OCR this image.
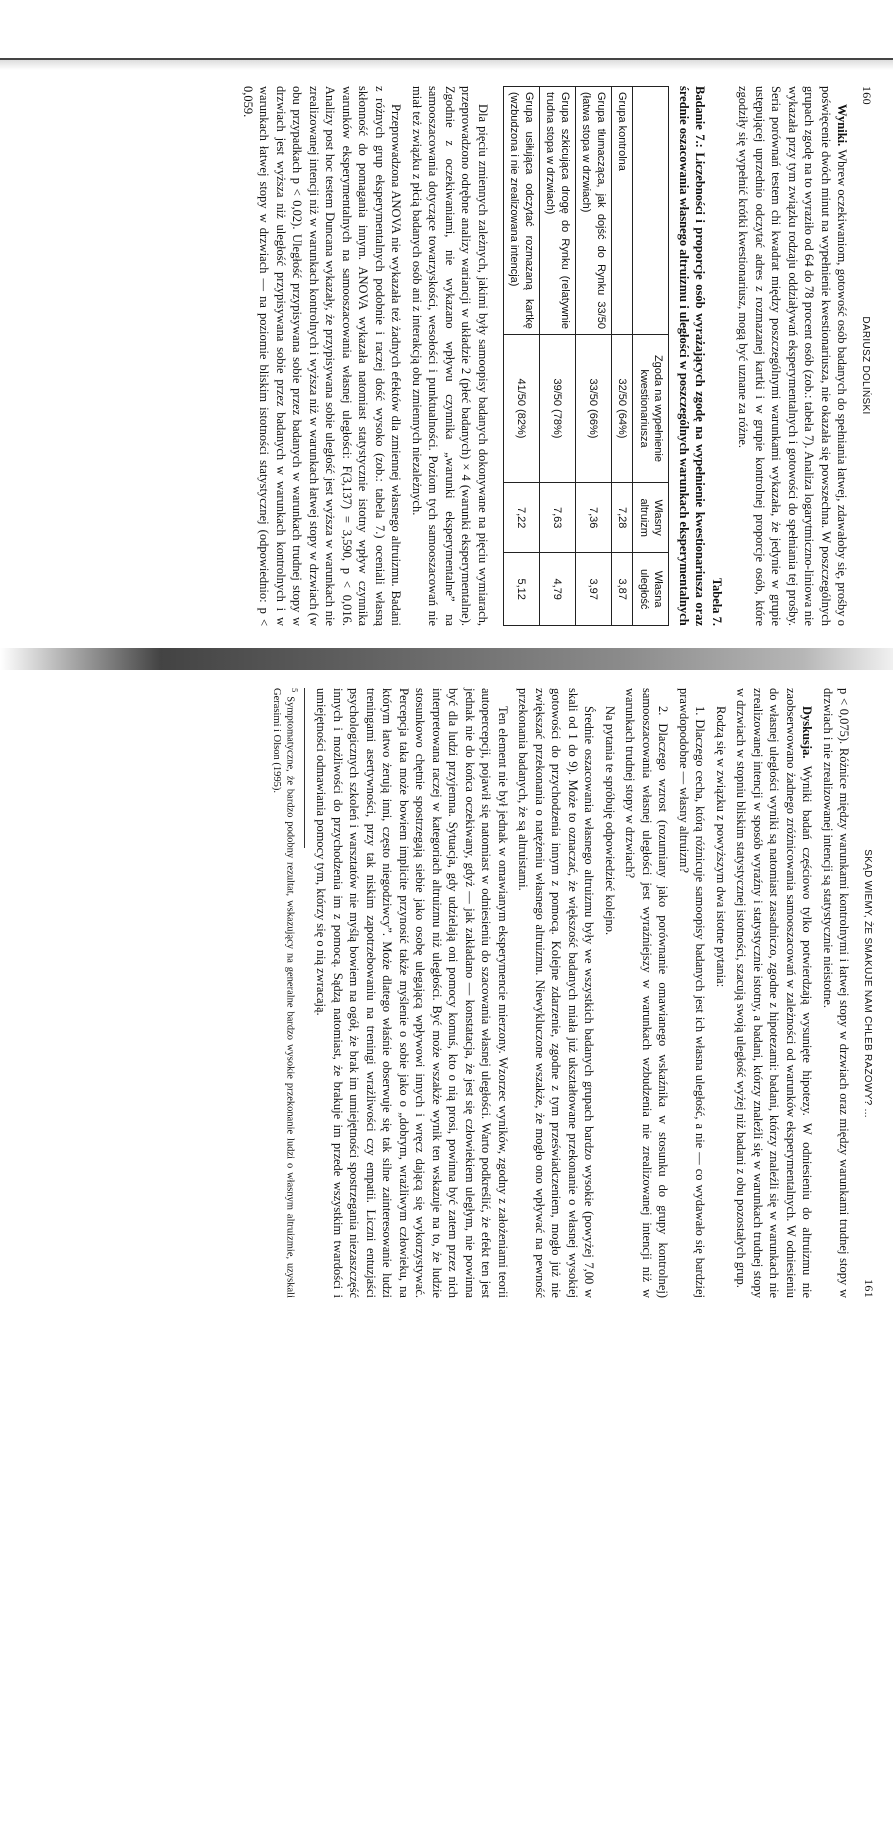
160
DARIUSZ DOLIŃSKI

Wyniki. Wbrew oczekiwaniom, gotowość osób badanych do spełniania łatwej, zdawałoby się, prośby o poświęcenie dwóch minut na wypełnienie kwestionariusza, nie okazała się powszechna. W poszczególnych grupach zgodę na to wyraziło od 64 do 78 procent osób (zob.: tabela 7). Analiza logarytmiczno-liniowa nie wykazała przy tym związku rodzaju oddziaływań eksperymentalnych i gotowości do spełniania tej prośby. Seria porównań testem chi kwadrat między poszczególnymi warunkami wykazała, że jedynie w grupie ustępującej uprzednio odczytać adres z rozmazanej kartki i w grupie kontrolnej proporcje osób, które zgodziły się wypełnić krótki kwestionariusz, mogą być uznane za różne.

Tabela 7.
Badanie 7.: Liczebności i proporcje osób wyrażających zgodę na wypełnienie kwestionariusza oraz średnie oszacowania własnego altruizmu i uległości w poszczególnych warunkach eksperymentalnych
	Zgoda na wypełnienie kwestionariusza	Własny altruizm	Własna uległość
Grupa kontrolna	32/50 (64%)	7,28	3,87
Grupa tłumacząca, jak dojść do Rynku 33/50 (łatwa stopa w drzwiach)	33/50 (66%)	7,36	3,97
Grupa szkicująca drogę do Rynku (relatywnie trudna stopa w drzwiach)	39/50 (78%)	7,63	4,79
Grupa usiłująca odczytać rozmazaną kartkę (wzbudzona i nie zrealizowana intencja)	41/50 (82%)	7,22	5,12

Dla pięciu zmiennych zależnych, jakimi były samoopisy badanych dokonywane na pięciu wymiarach, przeprowadzono odrębne analizy wariancji w układzie 2 (płeć badanych) × 4 (warunki eksperymentalne). Zgodnie z oczekiwaniami, nie wykazano wpływu czynnika „warunki eksperymentalne” na samooszacowania dotyczące towarzyskości, wesołości i punktualności. Poziom tych samooszacowań nie miał też związku z płcią badanych osób ani z interakcją obu zmiennych niezależnych.

Przeprowadzona ANOVA nie wykazała też żadnych efektów dla zmiennej własnego altruizmu. Badani z różnych grup eksperymentalnych podobnie i raczej dość wysoko (zob.: tabela 7.) oceniali własną skłonność do pomagania innym. ANOVA wykazała natomiast statystycznie istotny wpływ czynnika warunków eksperymentalnych na samooszacowania własnej uległości: F(3,137) = 3,590, p < 0,016. Analizy post hoc testem Duncana wykazały, że przypisywana sobie uległość jest wyższa w warunkach nie zrealizowanej intencji niż w warunkach kontrolnych i wyższa niż w warunkach łatwej stopy w drzwiach (w obu przypadkach p < 0,02). Uległość przypisywana sobie przez badanych w warunkach trudnej stopy w drzwiach jest wyższa niż uległość przypisywana sobie przez badanych w warunkach kontrolnych i w warunkach łatwej stopy w drzwiach — na poziomie bliskim istotności statystycznej (odpowiednio: p < 0,059.

SKĄD WIEMY, ŻE SMAKUJE NAM CHLEB RAZOWY? ...
161

p < 0,075). Różnice między warunkami kontrolnymi i łatwej stopy w drzwiach oraz między warunkami trudnej stopy w drzwiach i nie zrealizowanej intencji są statystycznie nieistotne.

Dyskusja. Wyniki badań częściowo tylko potwierdzają wysunięte hipotezy. W odniesieniu do altruizmu nie zaobserwowano żadnego zróżnicowania samooszacowań w zależności od warunków eksperymentalnych. W odniesieniu do własnej uległości wyniki są natomiast zasadniczo, zgodne z hipotezami: badani, którzy znaleźli się w warunkach nie zrealizowanej intencji w sposób wyraźny i statystycznie istotny, a badani, którzy znaleźli się w warunkach trudnej stopy w drzwiach w stopniu bliskim statystycznej istotności, szacują swoją uległość wyżej niż badani z obu pozostałych grup.

Rodzą się w związku z powyższym dwa istotne pytania:

1. Dlaczego cecha, którą różnicuje samoopisy badanych jest ich własna uległość, a nie — co wydawało się bardziej prawdopodobne — własny altruizm?

2. Dlaczego wzrost (rozumiany jako porównanie omawianego wskaźnika w stosunku do grupy kontrolnej) samooszacowania własnej uległości jest wyraźniejszy w warunkach wzbudzenia nie zrealizowanej intencji niż w warunkach trudnej stopy w drzwiach?

Na pytania te spróbuję odpowiedzieć kolejno.

Średnie oszacowania własnego altruizmu były we wszystkich badanych grupach bardzo wysokie (powyżej 7,00 w skali od 1 do 9). Może to oznaczać, że większość badanych miała już ukształtowane przekonanie o własnej wysokiej gotowości do przychodzenia innym z pomocą. Kolejne zdarzenie, zgodne z tym przeświadczeniem, mogło już nie zwiększać przekonania o natężeniu własnego altruizmu. Niewykluczone wszakże, że mogło ono wpływać na pewność przekonania badanych, że są altruistami.

Ten element nie był jednak w omawianym eksperymencie mierzony. Wzorzec wyników, zgodny z założeniami teorii autopercepcji, pojawił się natomiast w odniesieniu do szacowania własnej uległości. Warto podkreślić, że efekt ten jest jednak nie do końca oczekiwany, gdyż — jak zakładano — konstatacja, że jest się człowiekiem uległym, nie powinna być dla ludzi przyjemna. Sytuacja, gdy udzielają oni pomocy komuś, kto o nią prosi, powinna być zatem przez nich interpretowana raczej w kategoriach altruizmu niż uległości. Być może wszakże wynik ten wskazuje na to, że ludzie stosunkowo chętnie spostrzegają siebie jako osobę ulegającą wpływowi innych i wręcz dającą się wykorzystywać. Percepcja taka może bowiem implicite przynosić także myślenie o sobie jako o „dobrym, wrażliwym człowieku, na którym łatwo żerują inni, często niegodziwcy”. Może dlatego właśnie obserwuje się tak silne zainteresowanie ludzi treningami asertywności, przy tak niskim zapotrzebowaniu na treningi wrażliwości czy empatii. Liczni entuzjaści psychologicznych szkoleń i warsztatów nie myślą bowiem na ogół, że brak im umiejętności spostrzegania niezaszczęść innych i możliwości do przychodzenia im z pomocą. Sądzą natomiast, że brakuje im przede wszystkim twardości i umiejętności odmawiania pomocy tym, którzy się o nią zwracają.

$^5$ Symptomatyczne, że bardzo podobny rezultat, wskazujący na generalne bardzo wysokie przekonanie ludzi o własnym altruizmie, uzyskali Gerasimi i Olson (1995).
